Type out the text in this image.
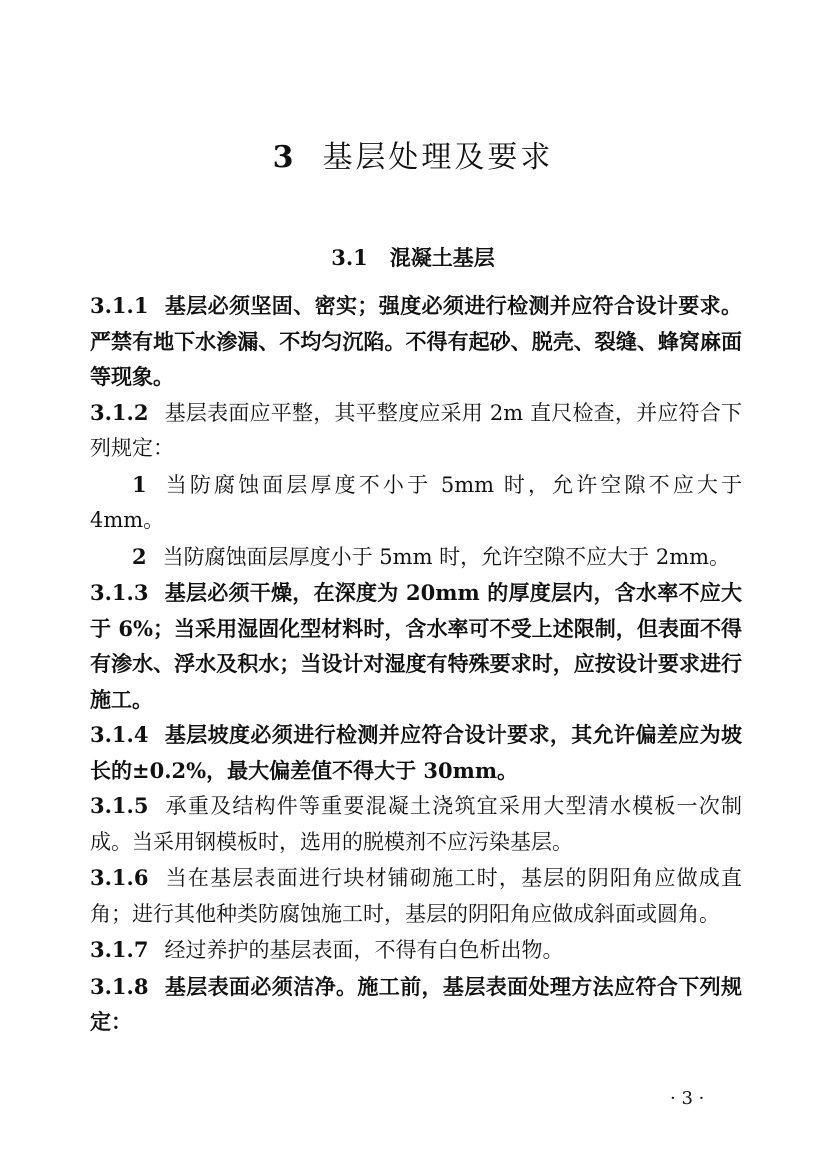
3 基层处理及要求
3.1 混凝土基层

3.1.1 基层必须坚固、密实；强度必须进行检测并应符合设计要求。严禁有地下水渗漏、不均匀沉陷。不得有起砂、脱壳、裂缝、蜂窝麻面等现象。

3.1.2 基层表面应平整，其平整度应采用 2m 直尺检查，并应符合下列规定：

1 当防腐蚀面层厚度不小于 5mm 时，允许空隙不应大于 4mm。

2 当防腐蚀面层厚度小于 5mm 时，允许空隙不应大于 2mm。

3.1.3 基层必须干燥，在深度为 20mm 的厚度层内，含水率不应大于 6%；当采用湿固化型材料时，含水率可不受上述限制，但表面不得有渗水、浮水及积水；当设计对湿度有特殊要求时，应按设计要求进行施工。

3.1.4 基层坡度必须进行检测并应符合设计要求，其允许偏差应为坡长的±0.2%，最大偏差值不得大于 30mm。

3.1.5 承重及结构件等重要混凝土浇筑宜采用大型清水模板一次制成。当采用钢模板时，选用的脱模剂不应污染基层。

3.1.6 当在基层表面进行块材铺砌施工时，基层的阴阳角应做成直角；进行其他种类防腐蚀施工时，基层的阴阳角应做成斜面或圆角。

3.1.7 经过养护的基层表面，不得有白色析出物。

3.1.8 基层表面必须洁净。施工前，基层表面处理方法应符合下列规定：

· 3 ·
